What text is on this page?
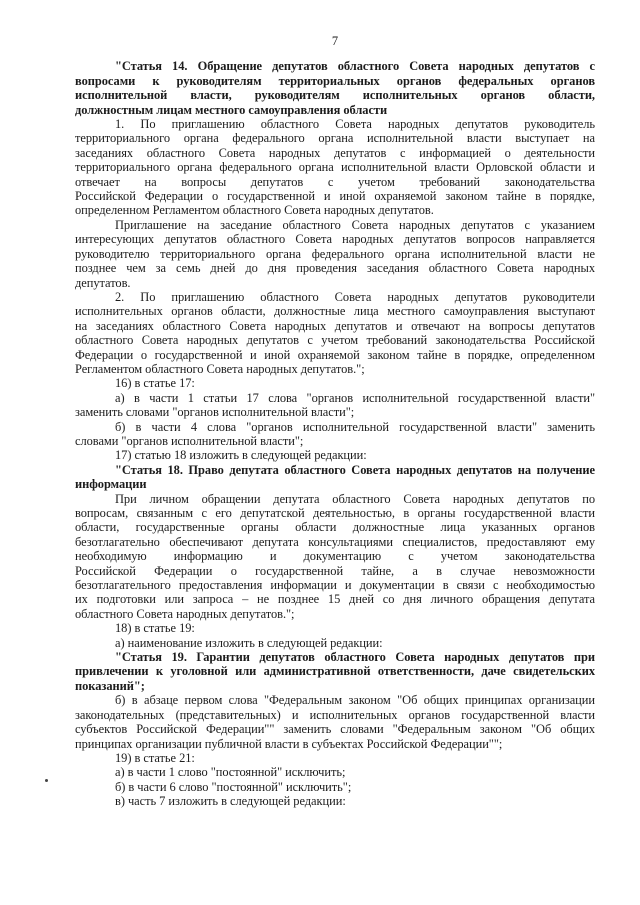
7

"Статья 14. Обращение депутатов областного Совета народных депутатов с
вопросами к руководителям территориальных органов федеральных органов
исполнительной власти, руководителям исполнительных органов области,
должностным лицам местного самоуправления области

1. По приглашению областного Совета народных депутатов руководитель
территориального органа федерального органа исполнительной власти выступает на
заседаниях областного Совета народных депутатов с информацией о деятельности
территориального органа федерального органа исполнительной власти Орловской области и
отвечает на вопросы депутатов с учетом требований законодательства
Российской Федерации о государственной и иной охраняемой законом тайне в порядке,
определенном Регламентом областного Совета народных депутатов.

Приглашение на заседание областного Совета народных депутатов с указанием
интересующих депутатов областного Совета народных депутатов вопросов направляется
руководителю территориального органа федерального органа исполнительной власти не
позднее чем за семь дней до дня проведения заседания областного Совета народных
депутатов.

2. По приглашению областного Совета народных депутатов руководители
исполнительных органов области, должностные лица местного самоуправления выступают
на заседаниях областного Совета народных депутатов и отвечают на вопросы депутатов
областного Совета народных депутатов с учетом требований законодательства Российской
Федерации о государственной и иной охраняемой законом тайне в порядке, определенном
Регламентом областного Совета народных депутатов.";

16) в статье 17:

а) в части 1 статьи 17 слова "органов исполнительной государственной власти"
заменить словами "органов исполнительной власти";

б) в части 4 слова "органов исполнительной государственной власти" заменить
словами "органов исполнительной власти";

17) статью 18 изложить в следующей редакции:

"Статья 18. Право депутата областного Совета народных депутатов на получение
информации

При личном обращении депутата областного Совета народных депутатов по
вопросам, связанным с его депутатской деятельностью, в органы государственной власти
области, государственные органы области должностные лица указанных органов
безотлагательно обеспечивают депутата консультациями специалистов, предоставляют ему
необходимую информацию и документацию с учетом законодательства
Российской Федерации о государственной тайне, а в случае невозможности
безотлагательного предоставления информации и документации в связи с необходимостью
их подготовки или запроса – не позднее 15 дней со дня личного обращения депутата
областного Совета народных депутатов.";

18) в статье 19:

а) наименование изложить в следующей редакции:

"Статья 19. Гарантии депутатов областного Совета народных депутатов при
привлечении к уголовной или административной ответственности, даче свидетельских
показаний";

б) в абзаце первом слова "Федеральным законом "Об общих принципах организации
законодательных (представительных) и исполнительных органов государственной власти
субъектов Российской Федерации"" заменить словами "Федеральным законом "Об общих
принципах организации публичной власти в субъектах Российской Федерации"";

19) в статье 21:

а) в части 1 слово "постоянной" исключить;

б) в части 6 слово "постоянной" исключить";

в) часть 7 изложить в следующей редакции:
